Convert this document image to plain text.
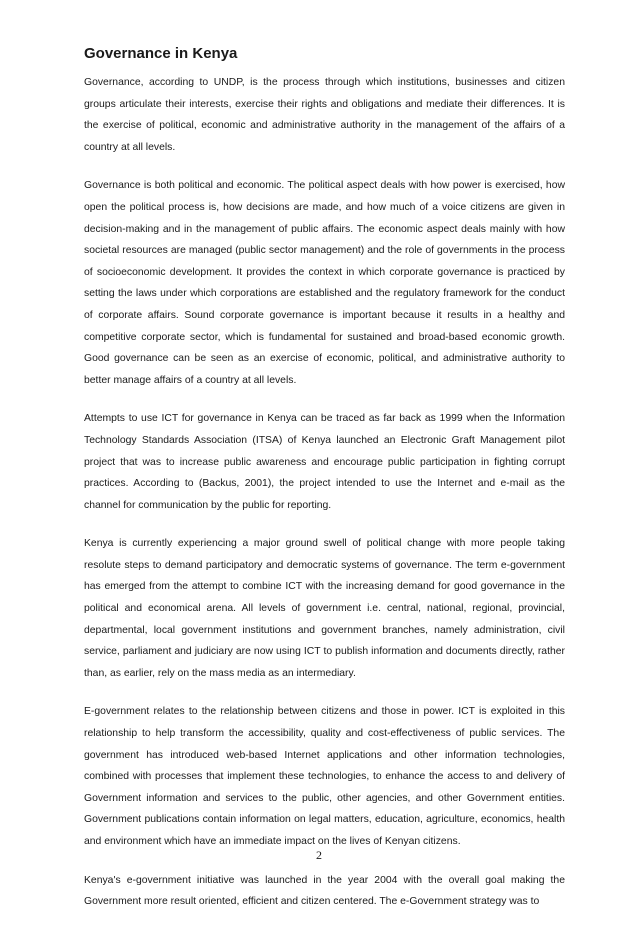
Governance in Kenya

Governance, according to UNDP, is the process through which institutions, businesses and citizen groups articulate their interests, exercise their rights and obligations and mediate their differences. It is the exercise of political, economic and administrative authority in the management of the affairs of a country at all levels.

Governance is both political and economic. The political aspect deals with how power is exercised, how open the political process is, how decisions are made, and how much of a voice citizens are given in decision-making and in the management of public affairs. The economic aspect deals mainly with how societal resources are managed (public sector management) and the role of governments in the process of socioeconomic development. It provides the context in which corporate governance is practiced by setting the laws under which corporations are established and the regulatory framework for the conduct of corporate affairs. Sound corporate governance is important because it results in a healthy and competitive corporate sector, which is fundamental for sustained and broad-based economic growth. Good governance can be seen as an exercise of economic, political, and administrative authority to better manage affairs of a country at all levels.

Attempts to use ICT for governance in Kenya can be traced as far back as 1999 when the Information Technology Standards Association (ITSA) of Kenya launched an Electronic Graft Management pilot project that was to increase public awareness and encourage public participation in fighting corrupt practices. According to (Backus, 2001), the project intended to use the Internet and e-mail as the channel for communication by the public for reporting.

Kenya is currently experiencing a major ground swell of political change with more people taking resolute steps to demand participatory and democratic systems of governance. The term e-government has emerged from the attempt to combine ICT with the increasing demand for good governance in the political and economical arena. All levels of government i.e. central, national, regional, provincial, departmental, local government institutions and government branches, namely administration, civil service, parliament and judiciary are now using ICT to publish information and documents directly, rather than, as earlier, rely on the mass media as an intermediary.

E-government relates to the relationship between citizens and those in power. ICT is exploited in this relationship to help transform the accessibility, quality and cost-effectiveness of public services. The government has introduced web-based Internet applications and other information technologies, combined with processes that implement these technologies, to enhance the access to and delivery of Government information and services to the public, other agencies, and other Government entities. Government publications contain information on legal matters, education, agriculture, economics, health and environment which have an immediate impact on the lives of Kenyan citizens.

Kenya's e-government initiative was launched in the year 2004 with the overall goal making the Government more result oriented, efficient and citizen centered. The e-Government strategy was to

2
